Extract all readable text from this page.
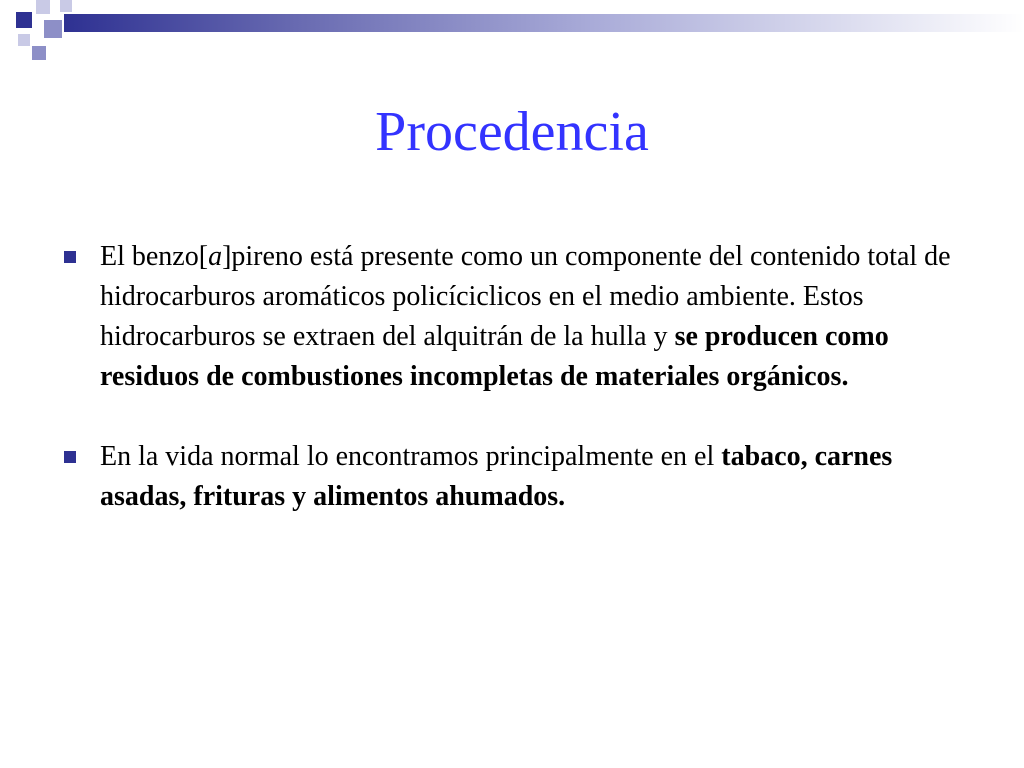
Procedencia
El benzo[a]pireno está presente como un componente del contenido total de hidrocarburos aromáticos policíciclicos en el medio ambiente. Estos hidrocarburos se extraen del alquitrán de la hulla y se producen como residuos de combustiones incompletas de materiales orgánicos.
En la vida normal lo encontramos principalmente en el tabaco, carnes asadas, frituras y alimentos ahumados.
